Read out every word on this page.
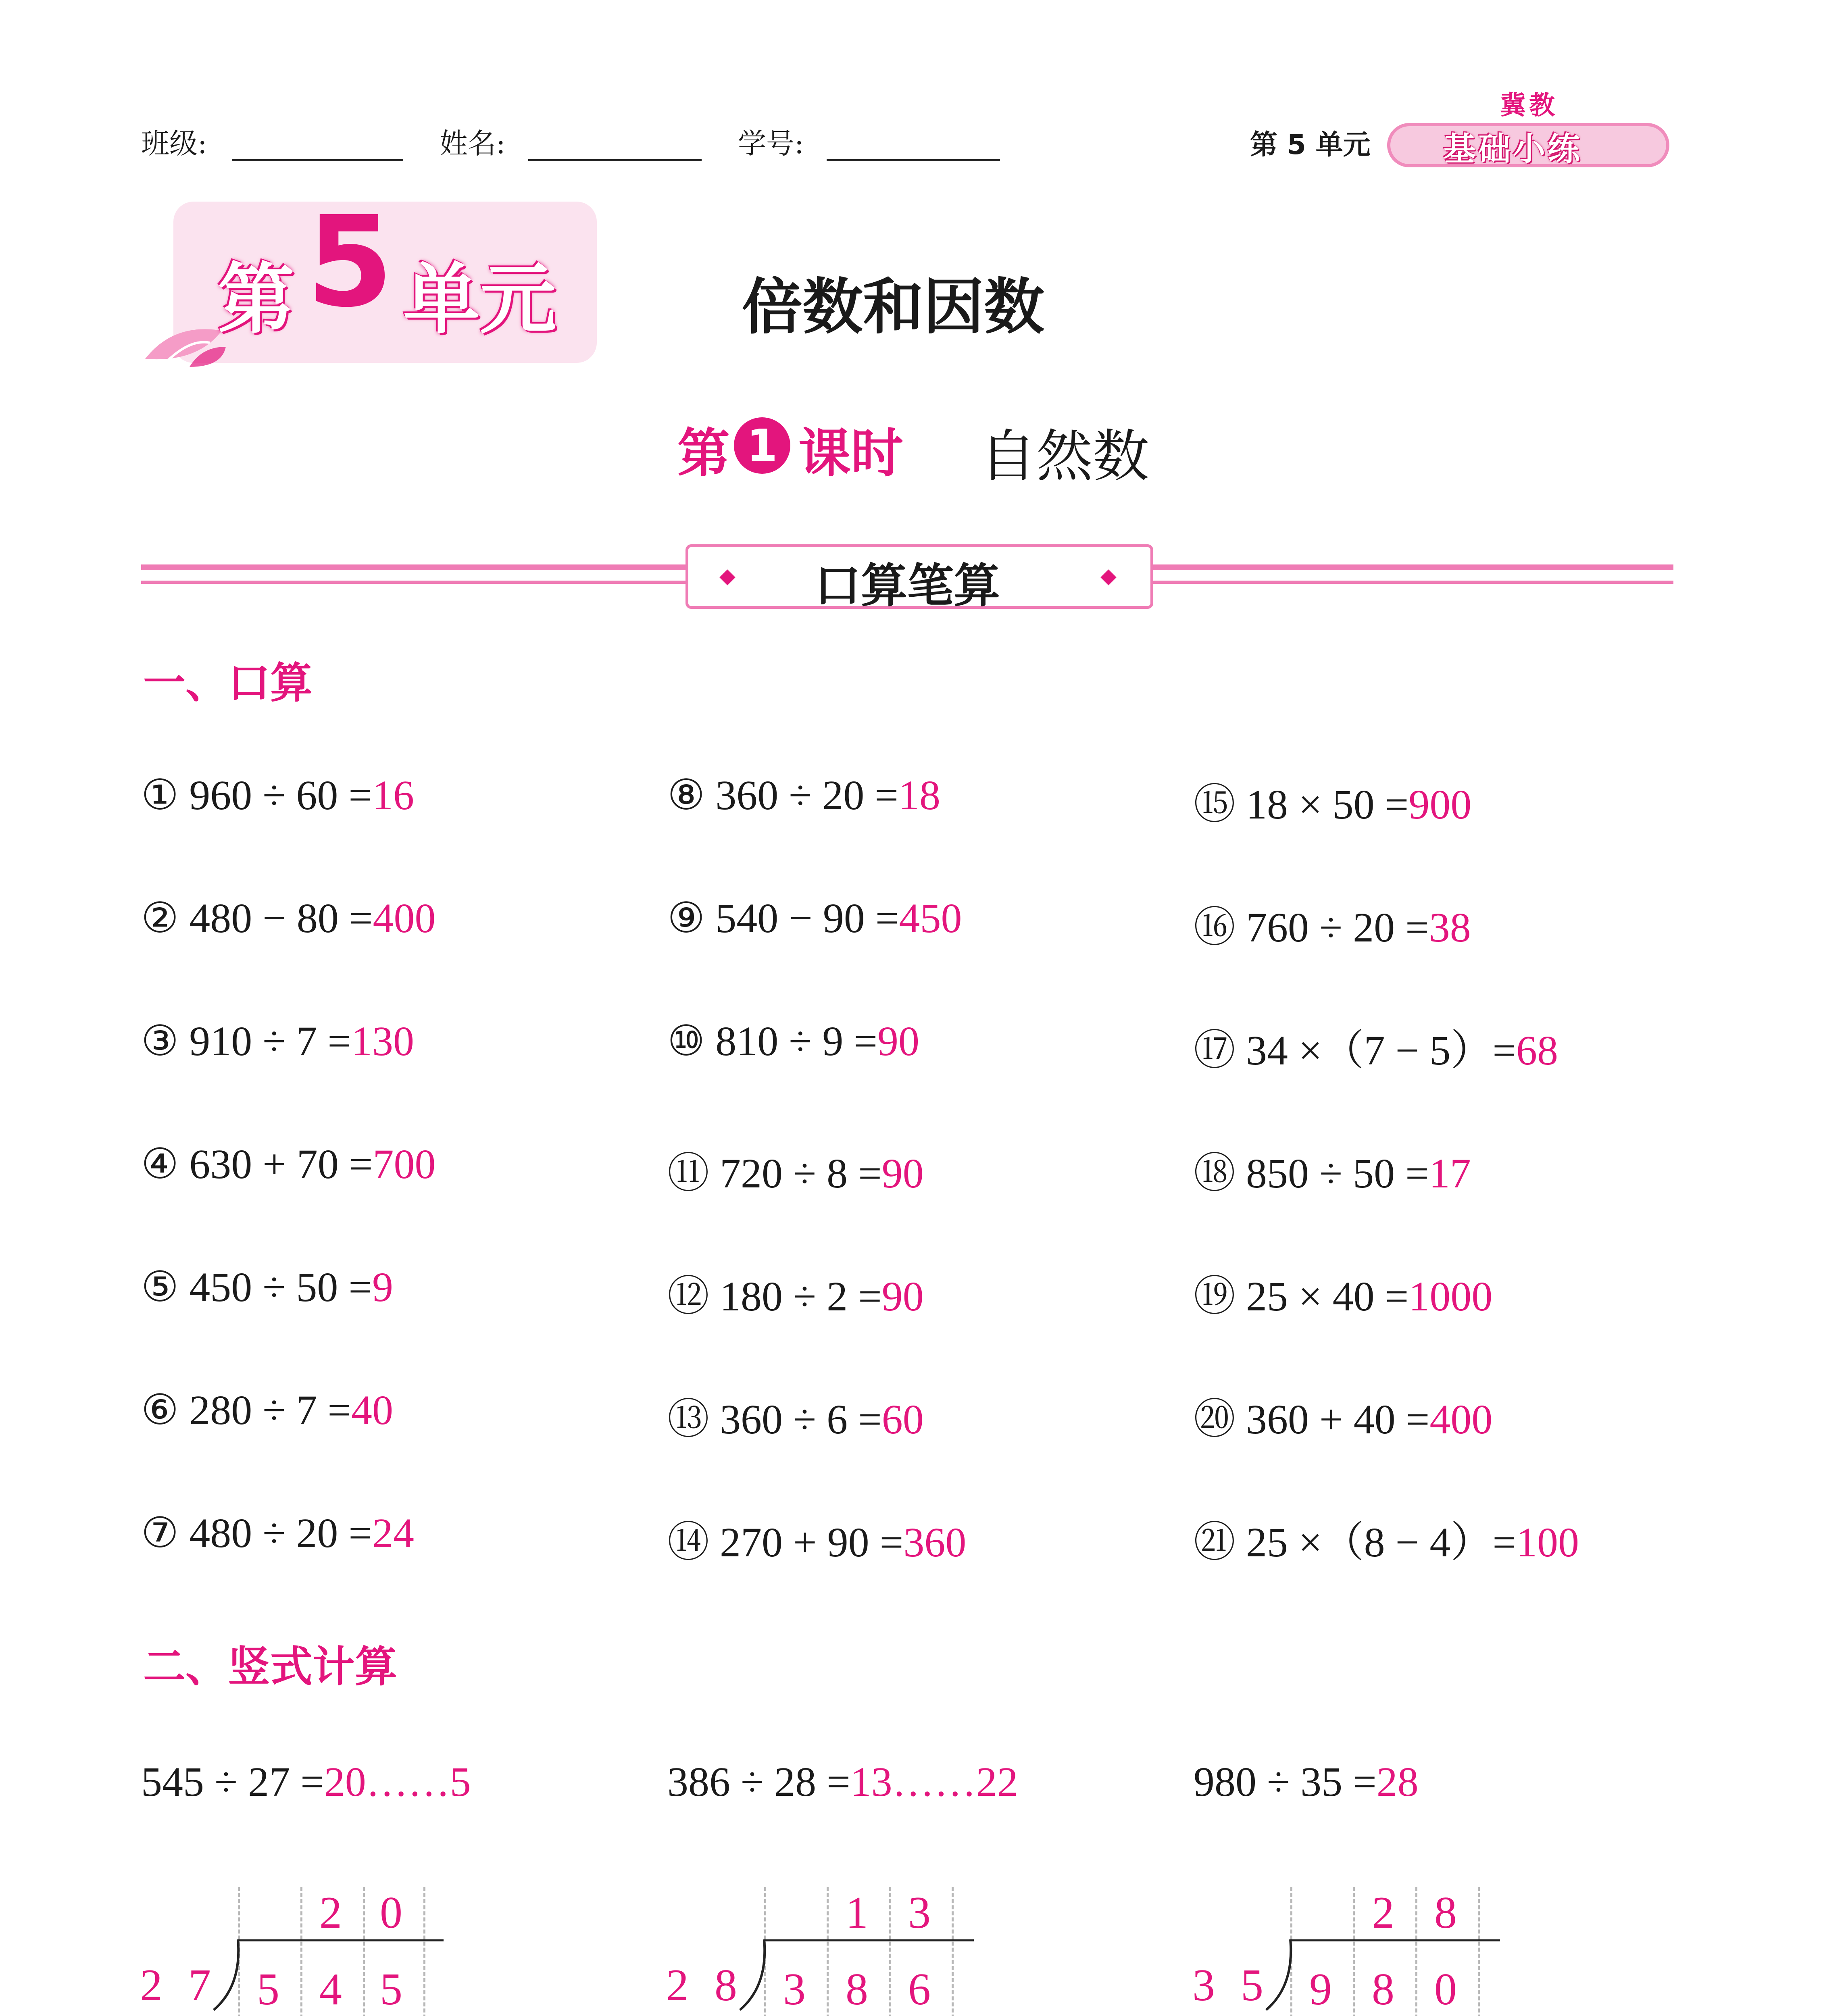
班级:	姓名:	学号:	第 5 单元
冀教
基础小练
第 5 单元	倍数和因数
第 1 课时 自然数
口算笔算
一、口算
① 960 ÷ 60 =16
② 480 − 80 =400
③ 910 ÷ 7 =130
④ 630 + 70 =700
⑤ 450 ÷ 50 =9
⑥ 280 ÷ 7 =40
⑦ 480 ÷ 20 =24
⑧ 360 ÷ 20 =18
⑨ 540 − 90 =450
⑩ 810 ÷ 9 =90
⑪ 720 ÷ 8 =90
⑫ 180 ÷ 2 =90
⑬ 360 ÷ 6 =60
⑭ 270 + 90 =360
⑮ 18 × 50 =900
⑯ 760 ÷ 20 =38
⑰ 34 ×（7 − 5）=68
⑱ 850 ÷ 50 =17
⑲ 25 × 40 =1000
⑳ 360 + 40 =400
㉑ 25 ×（8 − 4）=100
二、竖式计算
545 ÷ 27 =20……5	386 ÷ 28 =13……22	980 ÷ 35 =28
2 0
2 7	5 4 5
1 3
2 8	3 8 6
2 8
3 5	9 8 0
